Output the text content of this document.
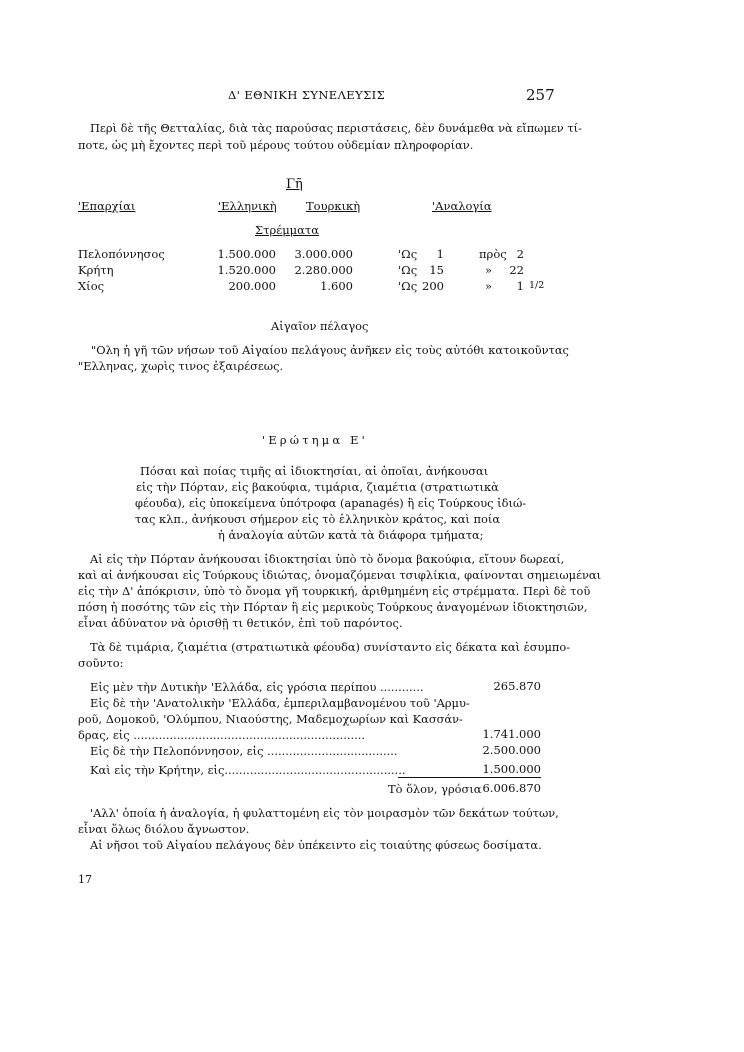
Δ' ΕΘΝΙΚΗ ΣΥΝΕΛΕΥΣΙΣ	257
Περὶ δὲ τῆς Θετταλίας, διὰ τὰς παρούσας περιστάσεις, δὲν δυνάμεθα νὰ εἴπωμεν τί-
ποτε, ὡς μὴ ἔχοντες περὶ τοῦ μέρους τούτου οὐδεμίαν πληροφορίαν.
Γῆ
'Επαρχίαι	'Ελληνικὴ	Τουρκικὴ	'Αναλογία
Στρέμματα
Πελοπόννησος	1.500.000	3.000.000	'Ως	1	πρὸς 2
Κρήτη	1.520.000	2.280.000	'Ως	15	» 22
Χίος	200.000	1.600	'Ως 200	»	1 1/2
Αἰγαῖον πέλαγος
"Ολη ἡ γῆ τῶν νήσων τοῦ Αἰγαίου πελάγους ἀνῆκεν εἰς τοὺς αὐτόθι κατοικοῦντας
"Ελληνας, χωρὶς τινος ἐξαιρέσεως.
'Ερώτημα Ε'
Πόσαι καὶ ποίας τιμῆς αἱ ἰδιοκτησίαι, αἱ ὁποῖαι, ἀνήκουσαι
εἰς τὴν Πόρταν, εἰς βακούφια, τιμάρια, ζιαμέτια (στρατιωτικὰ
φέουδα), εἰς ὑποκείμενα ὑπότροφα (apanagés) ἢ εἰς Τούρκους ἰδιώ-
τας κλπ., ἀνήκουσι σήμερον εἰς τὸ ἑλληνικὸν κράτος, καὶ ποία
ἡ ἀναλογία αὐτῶν κατὰ τὰ διάφορα τμήματα;
Αἱ εἰς τὴν Πόρταν ἀνήκουσαι ἰδιοκτησίαι ὑπὸ τὸ ὄνομα βακούφια, εἴτουν δωρεαί,
καὶ αἱ ἀνήκουσαι εἰς Τούρκους ἰδιώτας, ὀνομαζόμεναι τσιφλίκια, φαίνονται σημειωμέναι
εἰς τὴν Δ' ἀπόκρισιν, ὑπὸ τὸ ὄνομα γῆ τουρκική, ἀριθμημένη εἰς στρέμματα. Περὶ δὲ τοῦ
πόση ἡ ποσότης τῶν εἰς τὴν Πόρταν ἢ εἰς μερικοὺς Τούρκους ἀναγομένων ἰδιοκτησιῶν,
εἶναι ἀδύνατον νὰ ὁρισθῇ τι θετικόν, ἐπὶ τοῦ παρόντος.
Τὰ δὲ τιμάρια, ζιαμέτια (στρατιωτικὰ φέουδα) συνίσταντο εἰς δέκατα καὶ ἐσυμπο-
σοῦντο:
Εἰς μὲν τὴν Δυτικὴν 'Ελλάδα, εἰς γρόσια περίπου ............	265.870
Εἰς δὲ τὴν 'Ανατολικὴν 'Ελλάδα, ἐμπεριλαμβανομένου τοῦ 'Αρμυ-
ροῦ, Δομοκοῦ, 'Ολύμπου, Νιαούστης, Μαδεμοχωρίων καὶ Κασσάν-
δρας, εἰς ................................................................	1.741.000
Εἰς δὲ τὴν Πελοπόννησον, εἰς ....................................	2.500.000
Καὶ εἰς τὴν Κρήτην, εἰς..................................................	1.500.000
Τὸ ὅλον, γρόσια 6.006.870
'Αλλ' ὁποία ἡ ἀναλογία, ἡ φυλαττομένη εἰς τὸν μοιρασμὸν τῶν δεκάτων τούτων,
εἶναι ὅλως διόλου ἄγνωστον.
Αἱ νῆσοι τοῦ Αἰγαίου πελάγους δὲν ὑπέκειντο εἰς τοιαύτης φύσεως δοσίματα.
17
